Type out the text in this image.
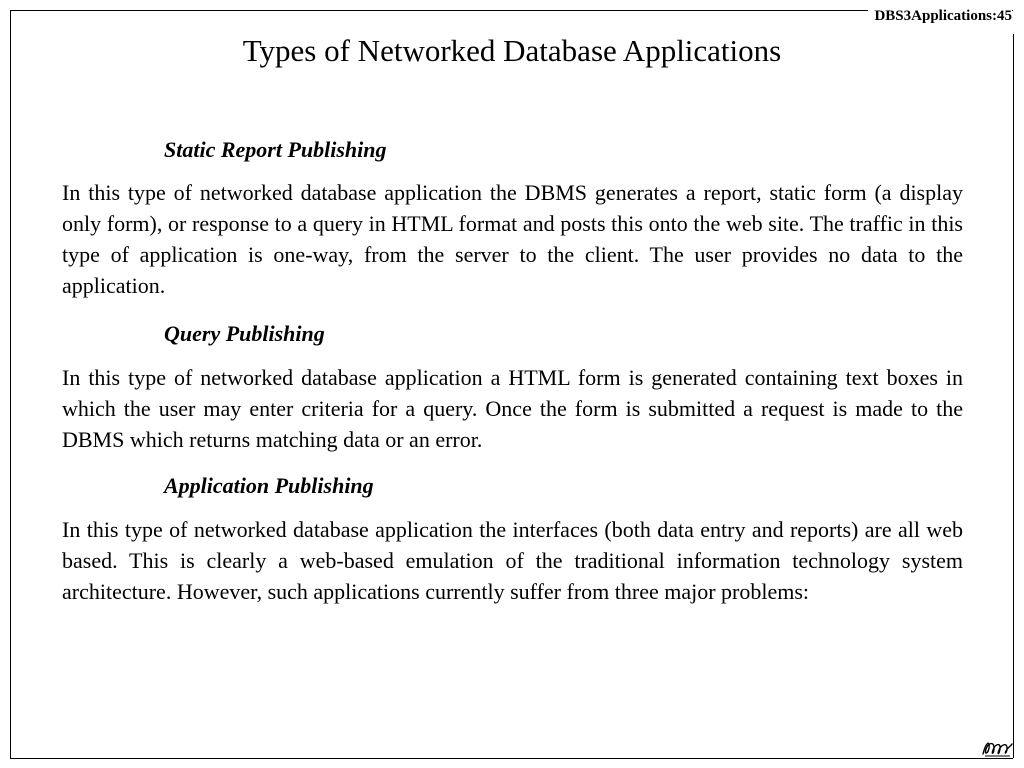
DBS3Applications:45
Types of Networked Database Applications
Static Report Publishing

In this type of networked database application the DBMS generates a report, static form (a display only form), or response to a query in HTML format and posts this onto the web site. The traffic in this type of application is one-way, from the server to the client. The user provides no data to the application.

Query Publishing

In this type of networked database application a HTML form is generated containing text boxes in which the user may enter criteria for a query. Once the form is submitted a request is made to the DBMS which returns matching data or an error.

Application Publishing

In this type of networked database application the interfaces (both data entry and reports) are all web based. This is clearly a web-based emulation of the traditional information technology system architecture. However, such applications currently suffer from three major problems:
